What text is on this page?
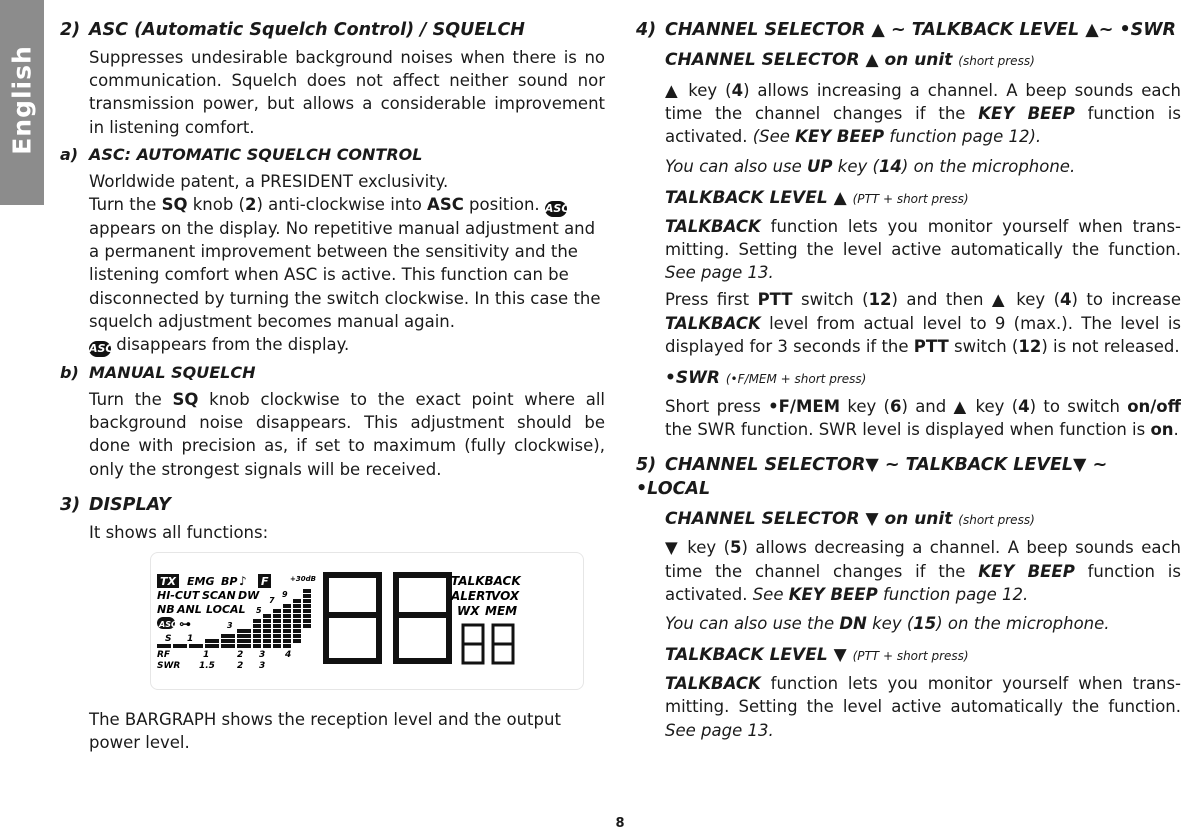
English
2) ASC (Automatic Squelch Control) / SQUELCH
Suppresses undesirable background noises when there is no communication. Squelch does not affect neither sound nor transmission power, but allows a considerable improvement in listening comfort.
a) ASC: AUTOMATIC SQUELCH CONTROL
Worldwide patent, a PRESIDENT exclusivity.
Turn the SQ knob (2) anti-clockwise into ASC position. ASC appears on the display. No repetitive manual adjustment and a permanent improvement between the sensitivity and the listening comfort when ASC is active. This function can be disconnected by turning the switch clockwise. In this case the squelch adjustment becomes manual again.
ASC disappears from the display.
b) MANUAL SQUELCH
Turn the SQ knob clockwise to the exact point where all background noise disappears. This adjustment should be done with precision as, if set to maximum (fully clockwise), only the strongest signals will be received.
3) DISPLAY
It shows all functions:
TX EMG BP ♪ F	+30dB
HI-CUT SCAN DW
NB ANL LOCAL
ASC ⊶
S 1
3
5
7
9
RF
SWR
1	2 3 4
1.5 2 3
TALKBACK
ALERT
VOX
WX MEM
The BARGRAPH shows the reception level and the output power level.
4) CHANNEL SELECTOR ▲ ~ TALKBACK LEVEL ▲~ •SWR
CHANNEL SELECTOR ▲ on unit (short press)
▲ key (4) allows increasing a channel. A beep sounds each time the channel changes if the KEY BEEP function is activated. (See KEY BEEP function page 12).
You can also use UP key (14) on the microphone.
TALKBACK LEVEL ▲ (PTT + short press)
TALKBACK function lets you monitor yourself when trans-mitting. Setting the level active automatically the function. See page 13.
Press first PTT switch (12) and then ▲ key (4) to increase TALKBACK level from actual level to 9 (max.). The level is displayed for 3 seconds if the PTT switch (12) is not released.
•SWR (•F/MEM + short press)
Short press •F/MEM key (6) and ▲ key (4) to switch on/off the SWR function. SWR level is displayed when function is on.
5) CHANNEL SELECTOR▼ ~ TALKBACK LEVEL▼ ~ •LOCAL
CHANNEL SELECTOR ▼ on unit (short press)
▼ key (5) allows decreasing a channel. A beep sounds each time the channel changes if the KEY BEEP function is activated. See KEY BEEP function page 12.
You can also use the DN key (15) on the microphone.
TALKBACK LEVEL ▼ (PTT + short press)
TALKBACK function lets you monitor yourself when trans-mitting. Setting the level active automatically the function. See page 13.
8
